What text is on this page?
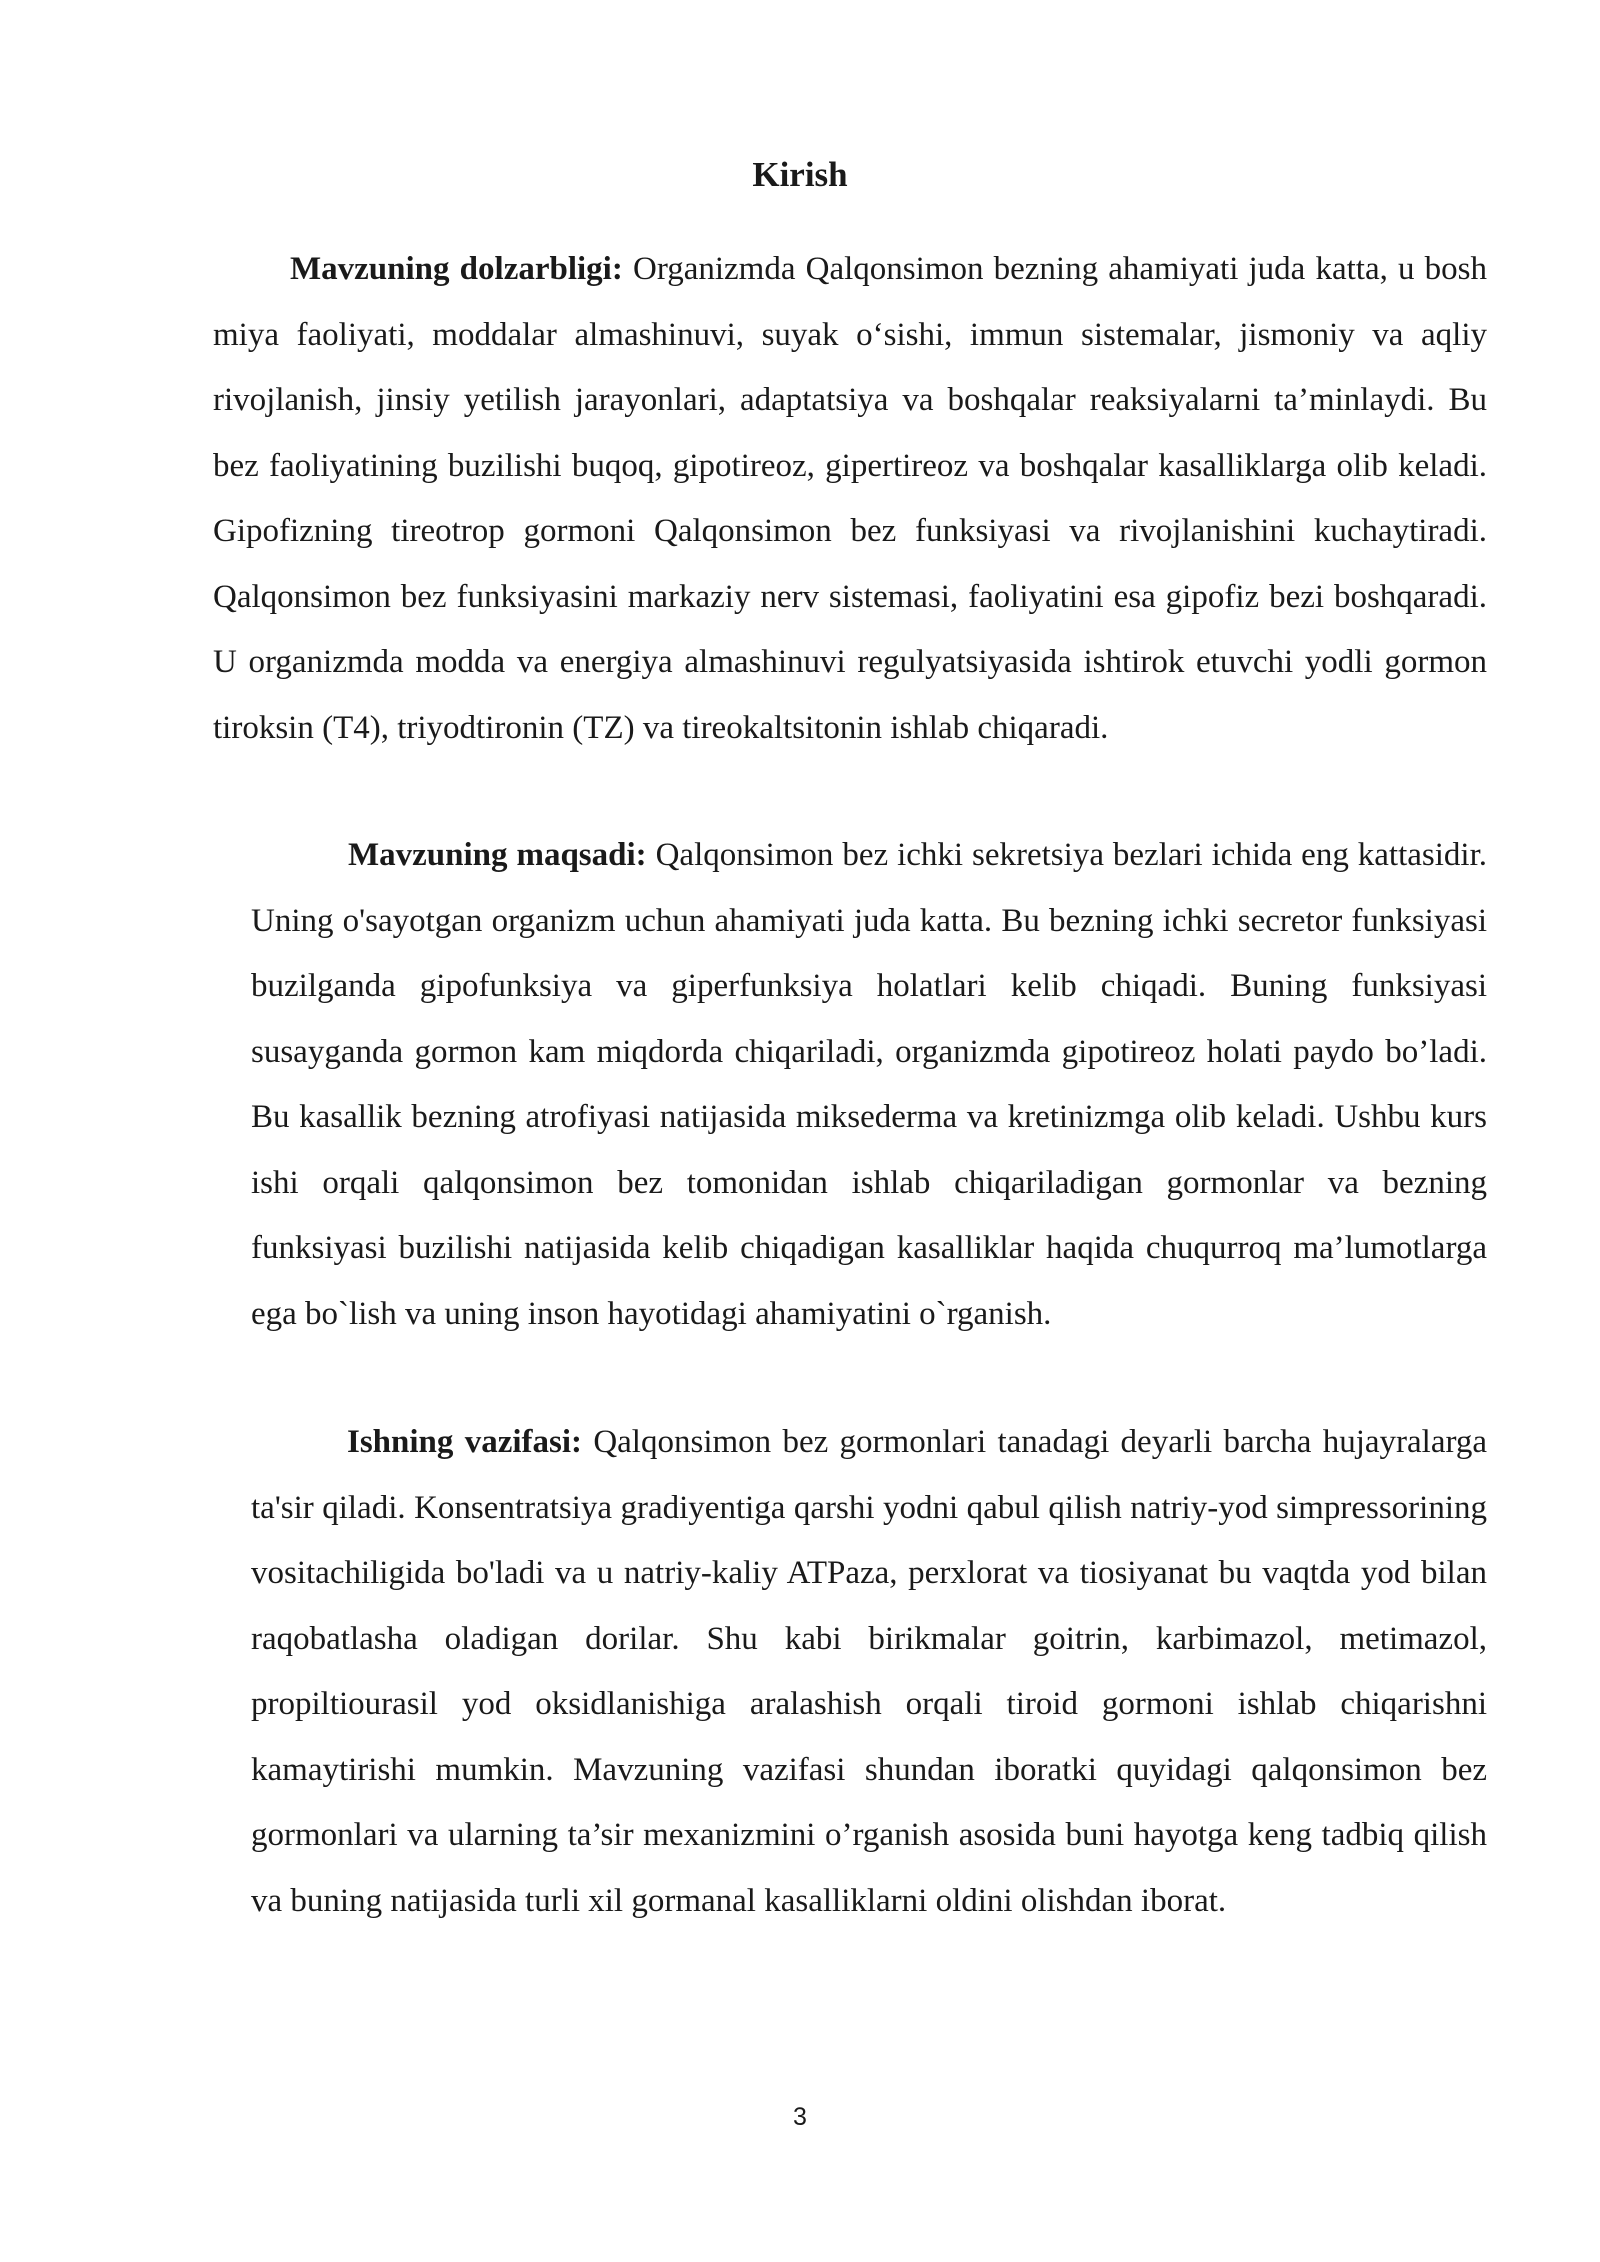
Kirish

Mavzuning dolzarbligi: Organizmda Qalqonsimon bezning ahamiyati juda katta, u bosh miya faoliyati, moddalar almashinuvi, suyak o‘sishi, immun sistemalar, jismoniy va aqliy rivojlanish, jinsiy yetilish jarayonlari, adaptatsiya va boshqalar reaksiyalarni ta’minlaydi. Bu bez faoliyatining buzilishi buqoq, gipotireoz, gipertireoz va boshqalar kasalliklarga olib keladi. Gipofizning tireotrop gormoni Qalqonsimon bez funksiyasi va rivojlanishini kuchaytiradi. Qalqonsimon bez funksiyasini markaziy nerv sistemasi, faoliyatini esa gipofiz bezi boshqaradi. U organizmda modda va energiya almashinuvi regulyatsiyasida ishtirok etuvchi yodli gormon tiroksin (T4), triyodtironin (TZ) va tireokaltsitonin ishlab chiqaradi.

Mavzuning maqsadi: Qalqonsimon bez ichki sekretsiya bezlari ichida eng kattasidir. Uning o'sayotgan organizm uchun ahamiyati juda katta. Bu bezning ichki secretor funksiyasi buzilganda gipofunksiya va giperfunksiya holatlari kelib chiqadi. Buning funksiyasi susayganda gormon kam miqdorda chiqariladi, organizmda gipotireoz holati paydo bo’ladi. Bu kasallik bezning atrofiyasi natijasida miksederma va kretinizmga olib keladi. Ushbu kurs ishi orqali qalqonsimon bez tomonidan ishlab chiqariladigan gormonlar va bezning funksiyasi buzilishi natijasida kelib chiqadigan kasalliklar haqida chuqurroq ma’lumotlarga ega bo`lish va uning inson hayotidagi ahamiyatini o`rganish.

Ishning vazifasi: Qalqonsimon bez gormonlari tanadagi deyarli barcha hujayralarga ta'sir qiladi. Konsentratsiya gradiyentiga qarshi yodni qabul qilish natriy-yod simpressorining vositachiligida bo'ladi va u natriy-kaliy ATPaza, perxlorat va tiosiyanat bu vaqtda yod bilan raqobatlasha oladigan dorilar. Shu kabi birikmalar goitrin, karbimazol, metimazol, propiltiourasil yod oksidlanishiga aralashish orqali tiroid gormoni ishlab chiqarishni kamaytirishi mumkin. Mavzuning vazifasi shundan iboratki quyidagi qalqonsimon bez gormonlari va ularning ta’sir mexanizmini o’rganish asosida buni hayotga keng tadbiq qilish va buning natijasida turli xil gormanal kasalliklarni oldini olishdan iborat.

3
